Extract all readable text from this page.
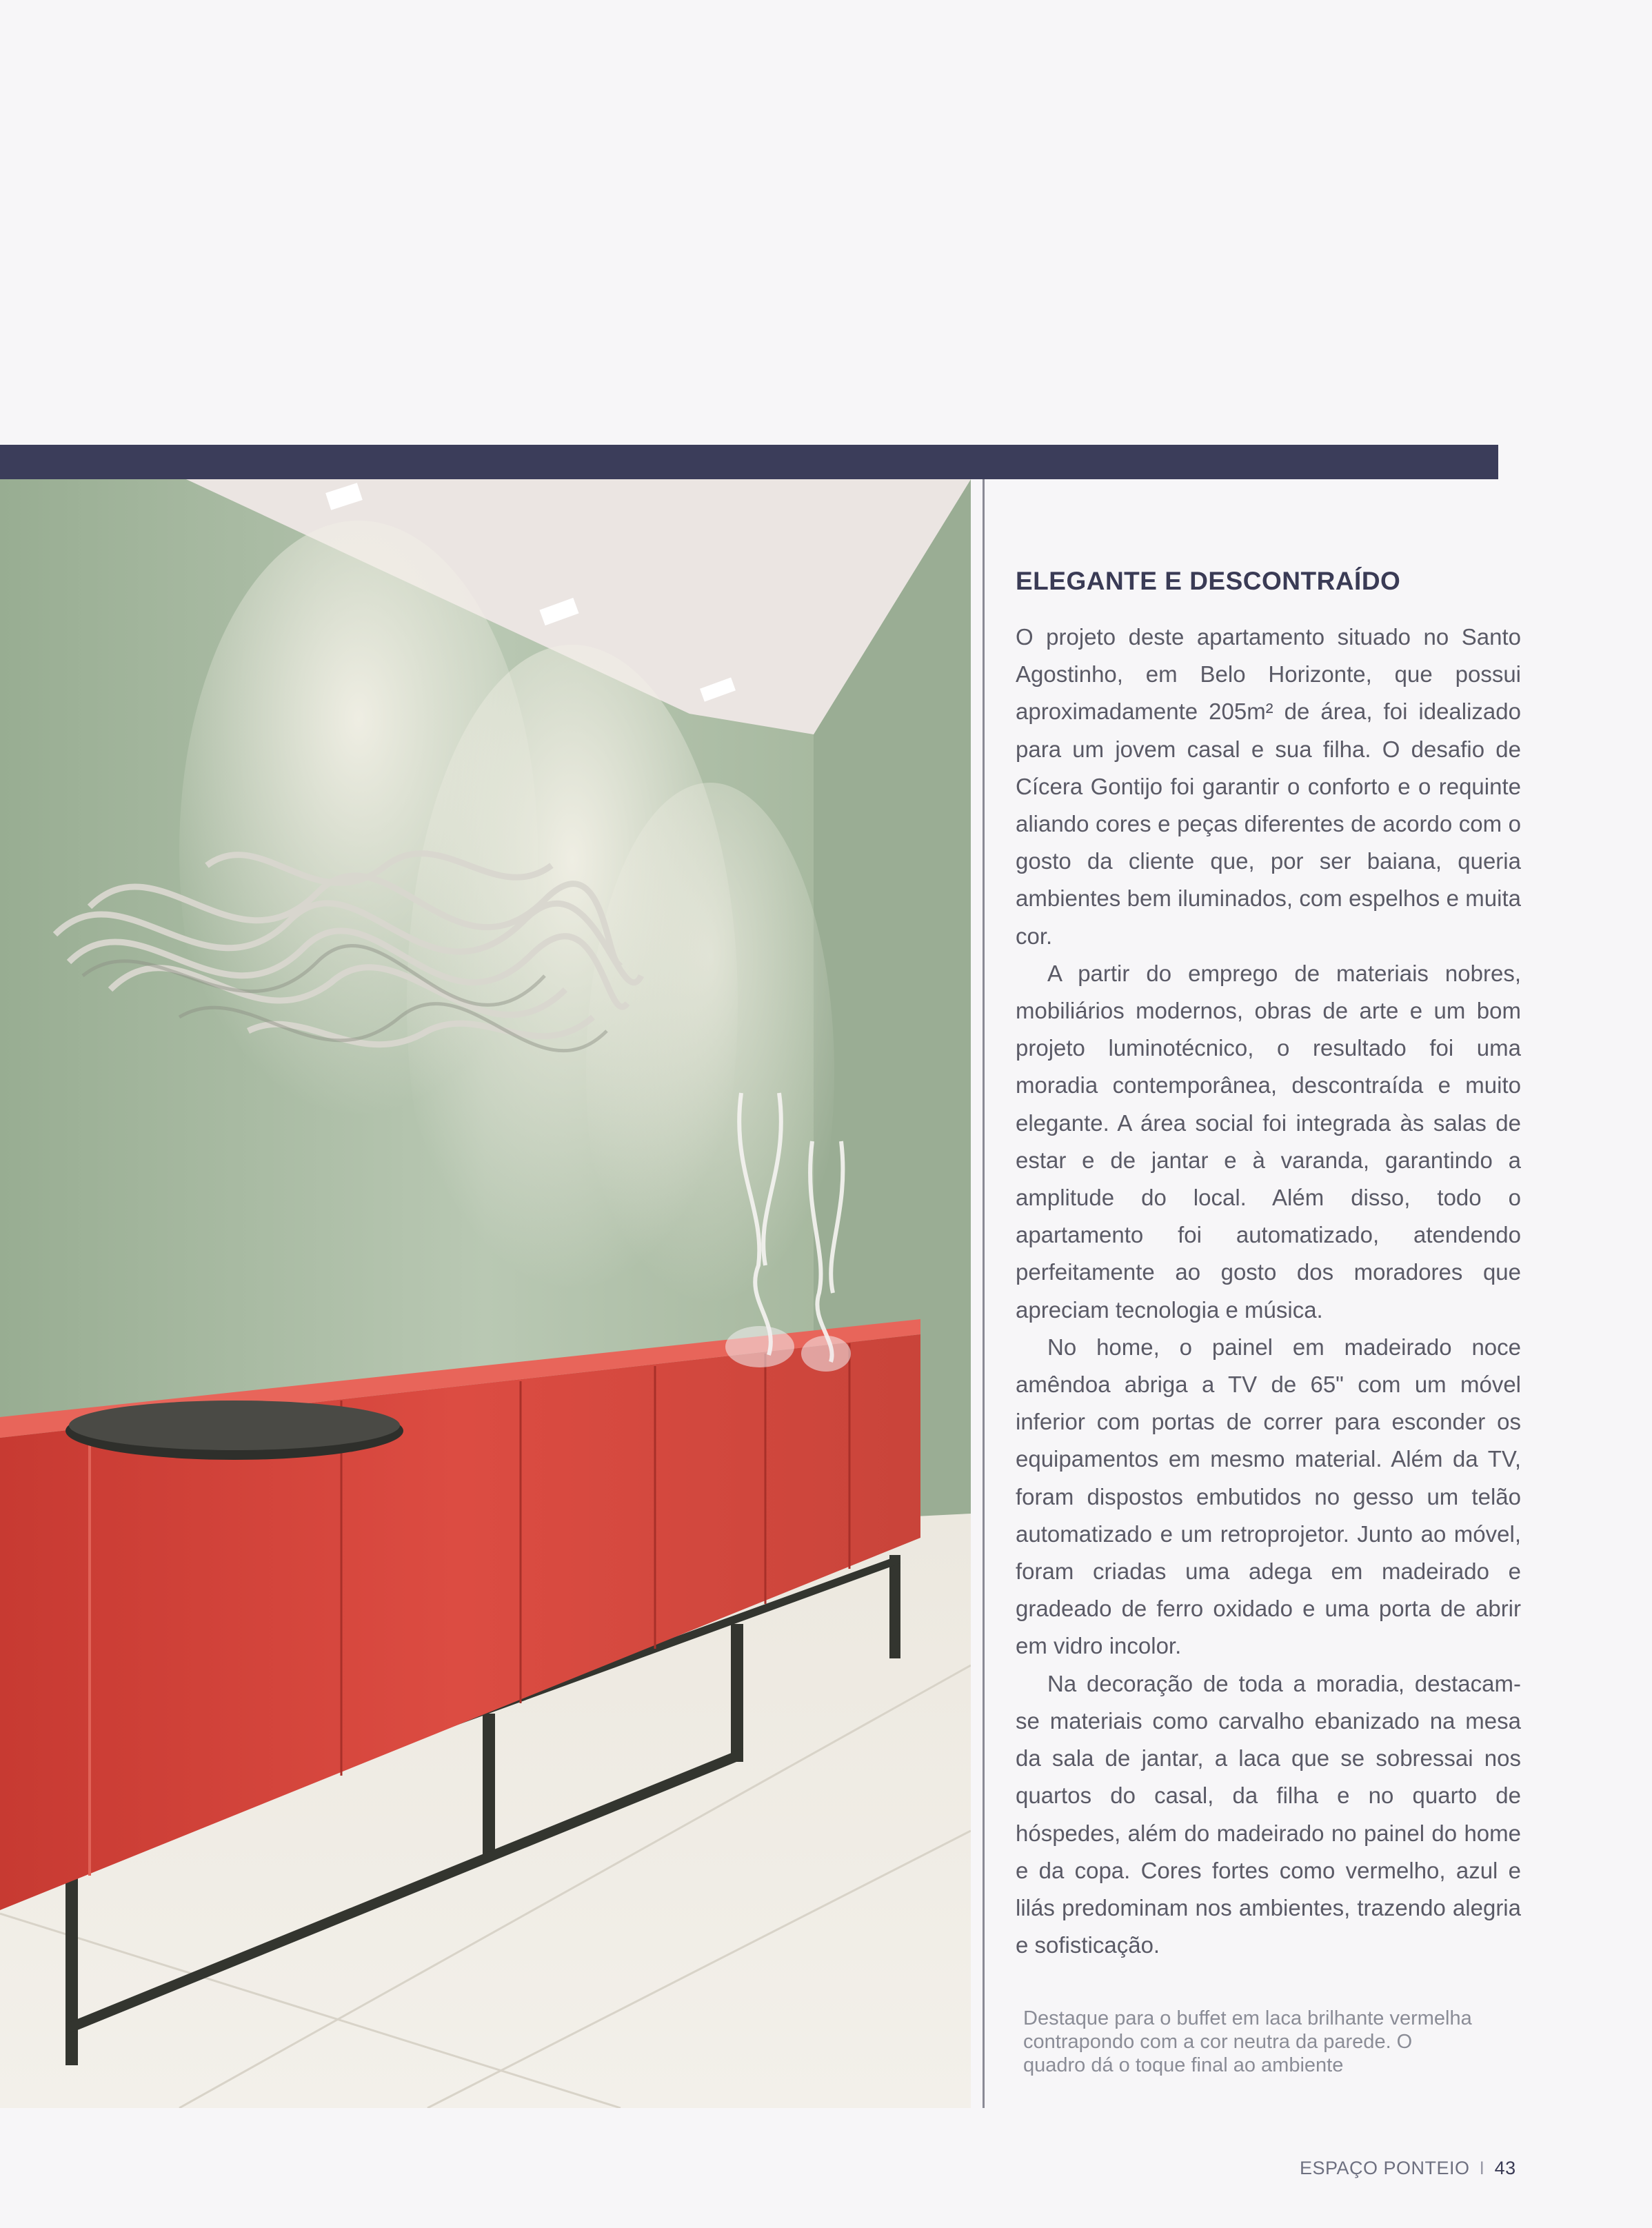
ELEGANTE E DESCONTRAÍDO

O projeto deste apartamento situado no Santo Agostinho, em Belo Horizonte, que possui aproximadamente 205m² de área, foi idealizado para um jovem casal e sua filha. O desafio de Cícera Gontijo foi garantir o conforto e o requinte aliando cores e peças diferentes de acordo com o gosto da cliente que, por ser baiana, queria ambientes bem iluminados, com espelhos e muita cor.

A partir do emprego de materiais nobres, mobiliários modernos, obras de arte e um bom projeto luminotécnico, o resultado foi uma moradia contemporânea, descontraída e muito elegante. A área social foi integrada às salas de estar e de jantar e à varanda, garantindo a amplitude do local. Além disso, todo o apartamento foi automatizado, atendendo perfeitamente ao gosto dos moradores que apreciam tecnologia e música.

No home, o painel em madeirado noce amêndoa abriga a TV de 65" com um móvel inferior com portas de correr para esconder os equipamentos em mesmo material. Além da TV, foram dispostos embutidos no gesso um telão automatizado e um retroprojetor. Junto ao móvel, foram criadas uma adega em madeirado e gradeado de ferro oxidado e uma porta de abrir em vidro incolor.

Na decoração de toda a moradia, destacam-se materiais como carvalho ebanizado na mesa da sala de jantar, a laca que se sobressai nos quartos do casal, da filha e no quarto de hóspedes, além do madeirado no painel do home e da copa. Cores fortes como vermelho, azul e lilás predominam nos ambientes, trazendo alegria e sofisticação.

Destaque para o buffet em laca brilhante vermelha contrapondo com a cor neutra da parede. O quadro dá o toque final ao ambiente
ESPAÇO PONTEIO I 43
